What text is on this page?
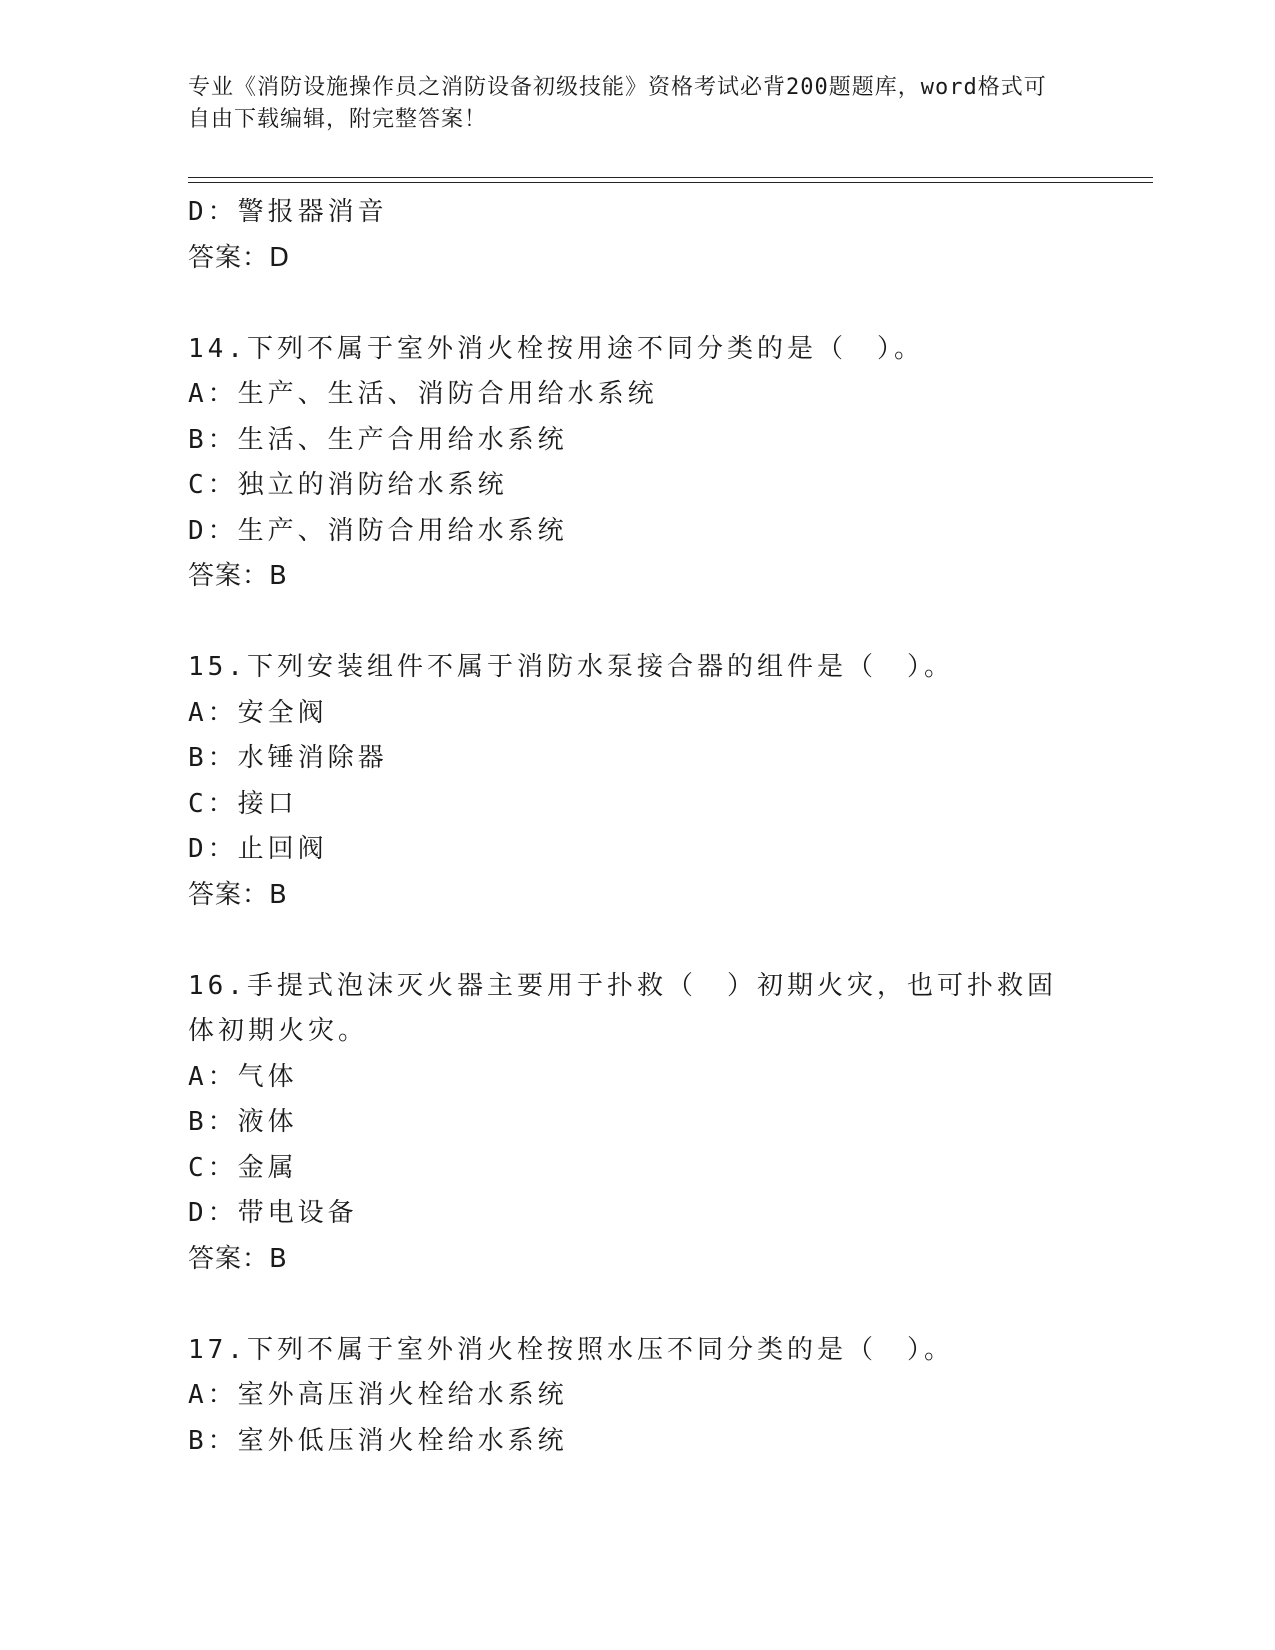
专业《消防设施操作员之消防设备初级技能》资格考试必背200题题库，word格式可自由下载编辑，附完整答案！
D：警报器消音
答案：D
14.下列不属于室外消火栓按用途不同分类的是（　）。
A：生产、生活、消防合用给水系统
B：生活、生产合用给水系统
C：独立的消防给水系统
D：生产、消防合用给水系统
答案：B
15.下列安装组件不属于消防水泵接合器的组件是（　）。
A：安全阀
B：水锤消除器
C：接口
D：止回阀
答案：B
16.手提式泡沫灭火器主要用于扑救（　）初期火灾，也可扑救固体初期火灾。
A：气体
B：液体
C：金属
D：带电设备
答案：B
17.下列不属于室外消火栓按照水压不同分类的是（　）。
A：室外高压消火栓给水系统
B：室外低压消火栓给水系统
